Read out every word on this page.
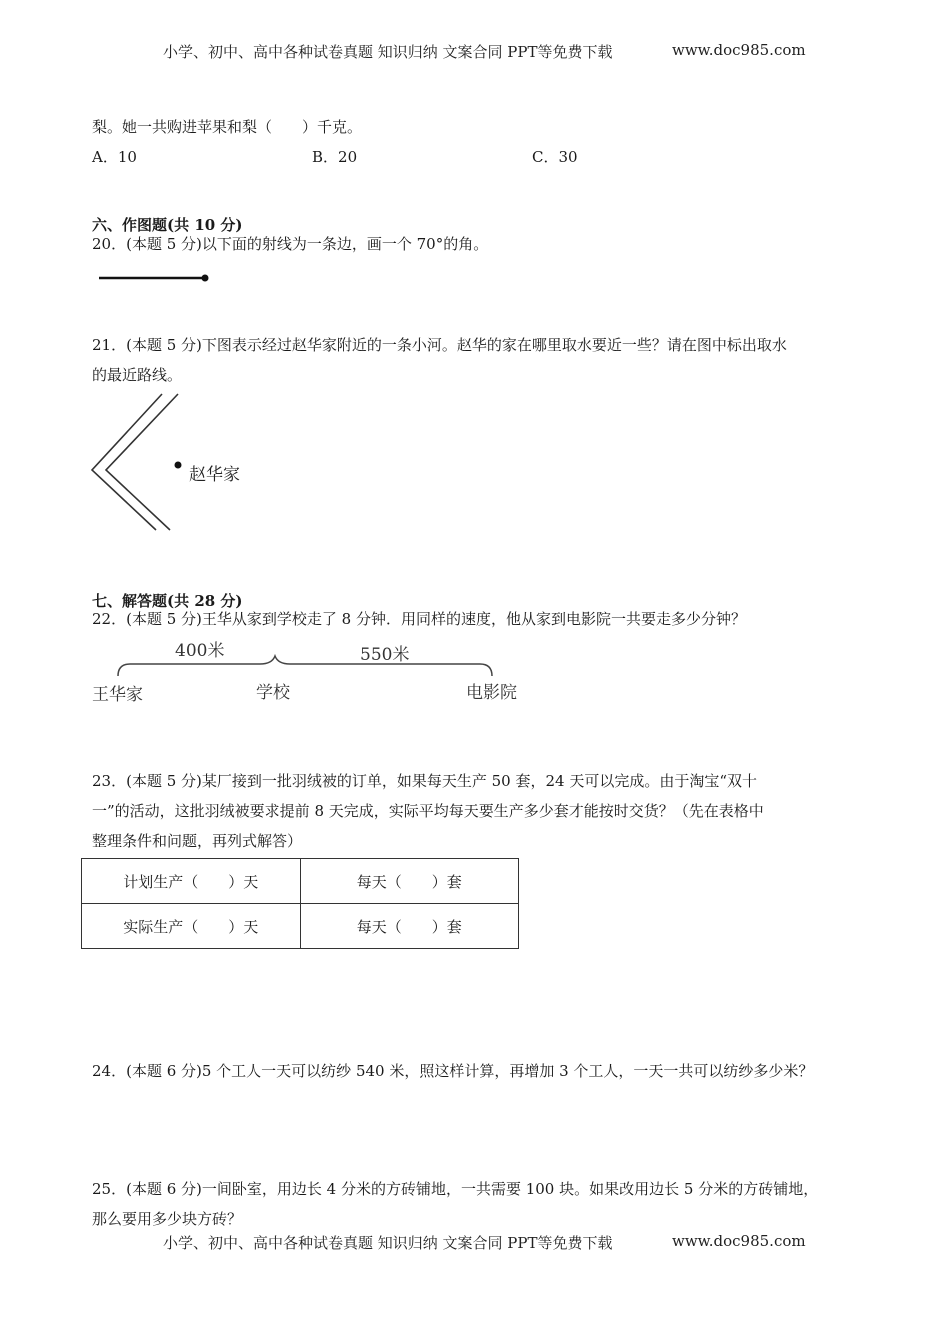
小学、初中、高中各种试卷真题 知识归纳 文案合同 PPT等免费下载	www.doc985.com
梨。她一共购进苹果和梨（　　）千克。
A．10	B．20	C．30
六、作图题(共 10 分)
20．(本题 5 分)以下面的射线为一条边，画一个 70°的角。
21．(本题 5 分)下图表示经过赵华家附近的一条小河。赵华的家在哪里取水要近一些？请在图中标出取水
的最近路线。
赵华家
七、解答题(共 28 分)
22．(本题 5 分)王华从家到学校走了 8 分钟．用同样的速度，他从家到电影院一共要走多少分钟？
400米	550米
王华家	学校	电影院
23．(本题 5 分)某厂接到一批羽绒被的订单，如果每天生产 50 套，24 天可以完成。由于淘宝“双十
一”的活动，这批羽绒被要求提前 8 天完成，实际平均每天要生产多少套才能按时交货？（先在表格中
整理条件和问题，再列式解答）
计划生产（　　）天	每天（　　）套
实际生产（　　）天	每天（　　）套
24．(本题 6 分)5 个工人一天可以纺纱 540 米，照这样计算，再增加 3 个工人，一天一共可以纺纱多少米？
25．(本题 6 分)一间卧室，用边长 4 分米的方砖铺地，一共需要 100 块。如果改用边长 5 分米的方砖铺地，
那么要用多少块方砖？
小学、初中、高中各种试卷真题 知识归纳 文案合同 PPT等免费下载	www.doc985.com
